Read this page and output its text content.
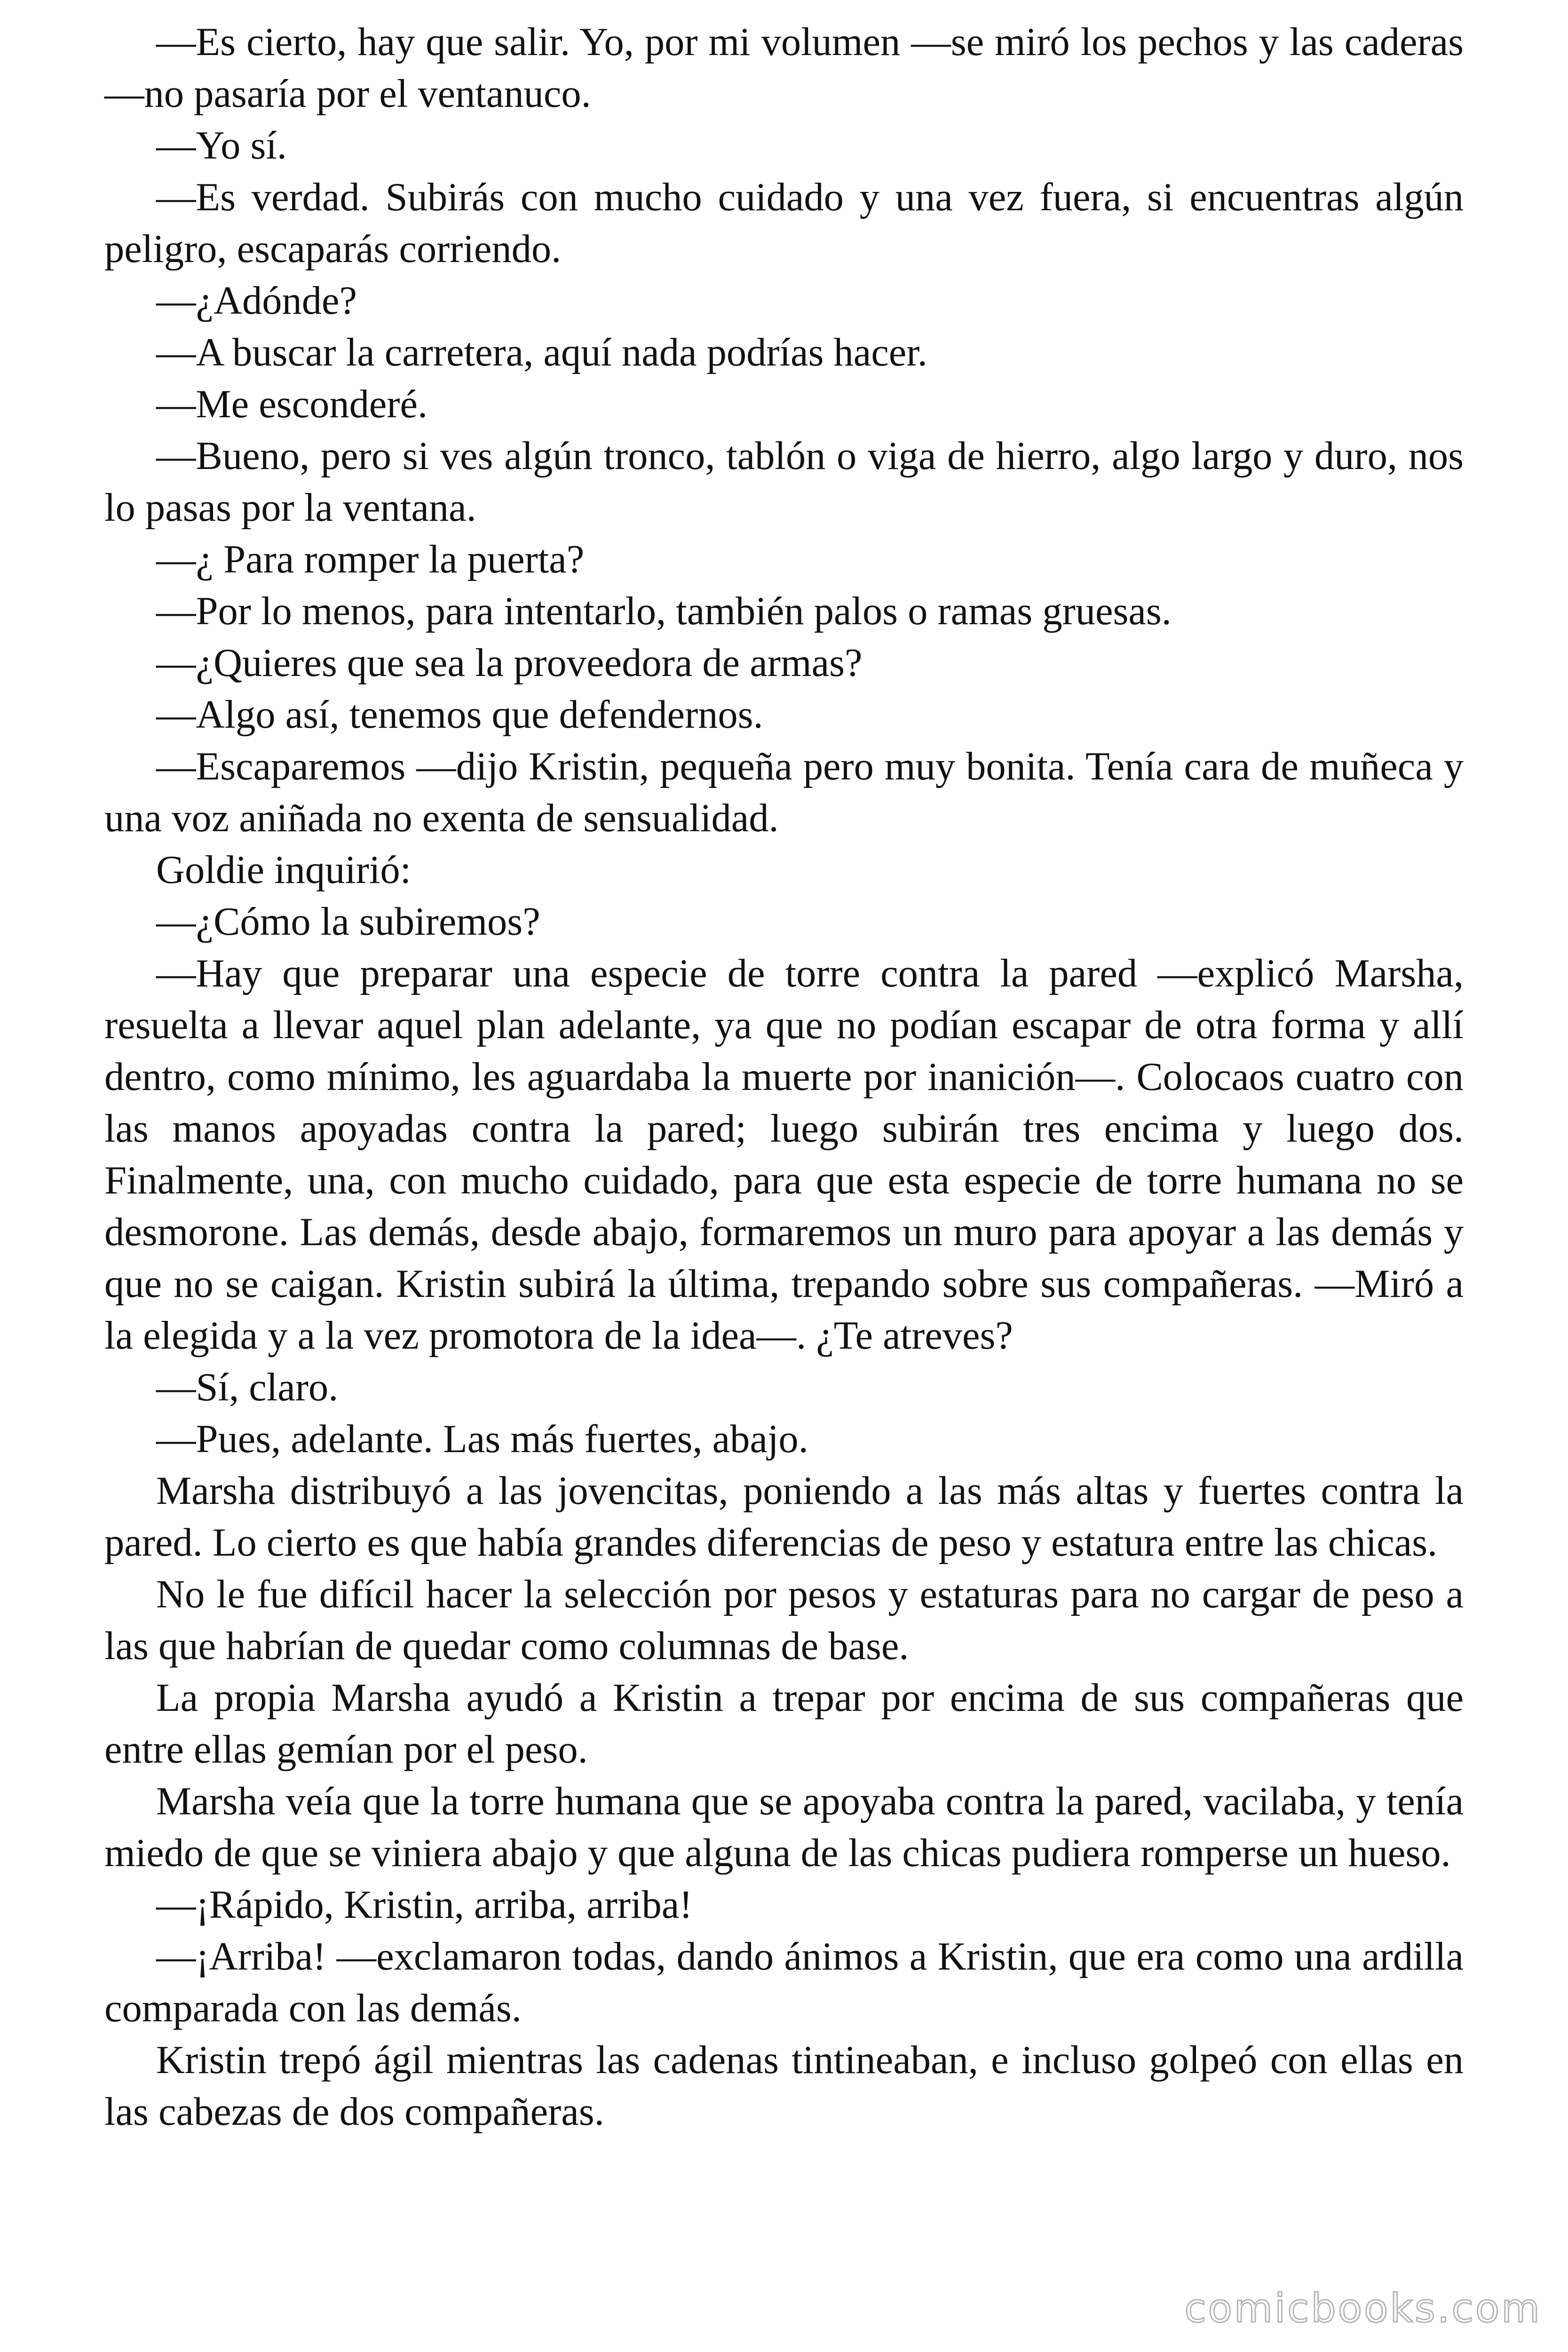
—Es cierto, hay que salir. Yo, por mi volumen —se miró los pechos y las caderas —no pasaría por el ventanuco.

—Yo sí.

—Es verdad. Subirás con mucho cuidado y una vez fuera, si encuentras algún peligro, escaparás corriendo.

—¿Adónde?

—A buscar la carretera, aquí nada podrías hacer.

—Me esconderé.

—Bueno, pero si ves algún tronco, tablón o viga de hierro, algo largo y duro, nos lo pasas por la ventana.

—¿ Para romper la puerta?

—Por lo menos, para intentarlo, también palos o ramas gruesas.

—¿Quieres que sea la proveedora de armas?

—Algo así, tenemos que defendernos.

—Escaparemos —dijo Kristin, pequeña pero muy bonita. Tenía cara de muñeca y una voz aniñada no exenta de sensualidad.

Goldie inquirió:

—¿Cómo la subiremos?

—Hay que preparar una especie de torre contra la pared —explicó Marsha, resuelta a llevar aquel plan adelante, ya que no podían escapar de otra forma y allí dentro, como mínimo, les aguardaba la muerte por inanición—. Colocaos cuatro con las manos apoyadas contra la pared; luego subirán tres encima y luego dos. Finalmente, una, con mucho cuidado, para que esta especie de torre humana no se desmorone. Las demás, desde abajo, formaremos un muro para apoyar a las demás y que no se caigan. Kristin subirá la última, trepando sobre sus compañeras. —Miró a la elegida y a la vez promotora de la idea—. ¿Te atreves?

—Sí, claro.

—Pues, adelante. Las más fuertes, abajo.

Marsha distribuyó a las jovencitas, poniendo a las más altas y fuertes contra la pared. Lo cierto es que había grandes diferencias de peso y estatura entre las chicas.

No le fue difícil hacer la selección por pesos y estaturas para no cargar de peso a las que habrían de quedar como columnas de base.

La propia Marsha ayudó a Kristin a trepar por encima de sus compañeras que entre ellas gemían por el peso.

Marsha veía que la torre humana que se apoyaba contra la pared, vacilaba, y tenía miedo de que se viniera abajo y que alguna de las chicas pudiera romperse un hueso.

—¡Rápido, Kristin, arriba, arriba!

—¡Arriba! —exclamaron todas, dando ánimos a Kristin, que era como una ardilla comparada con las demás.

Kristin trepó ágil mientras las cadenas tintineaban, e incluso golpeó con ellas en las cabezas de dos compañeras.

comicbooks.com
